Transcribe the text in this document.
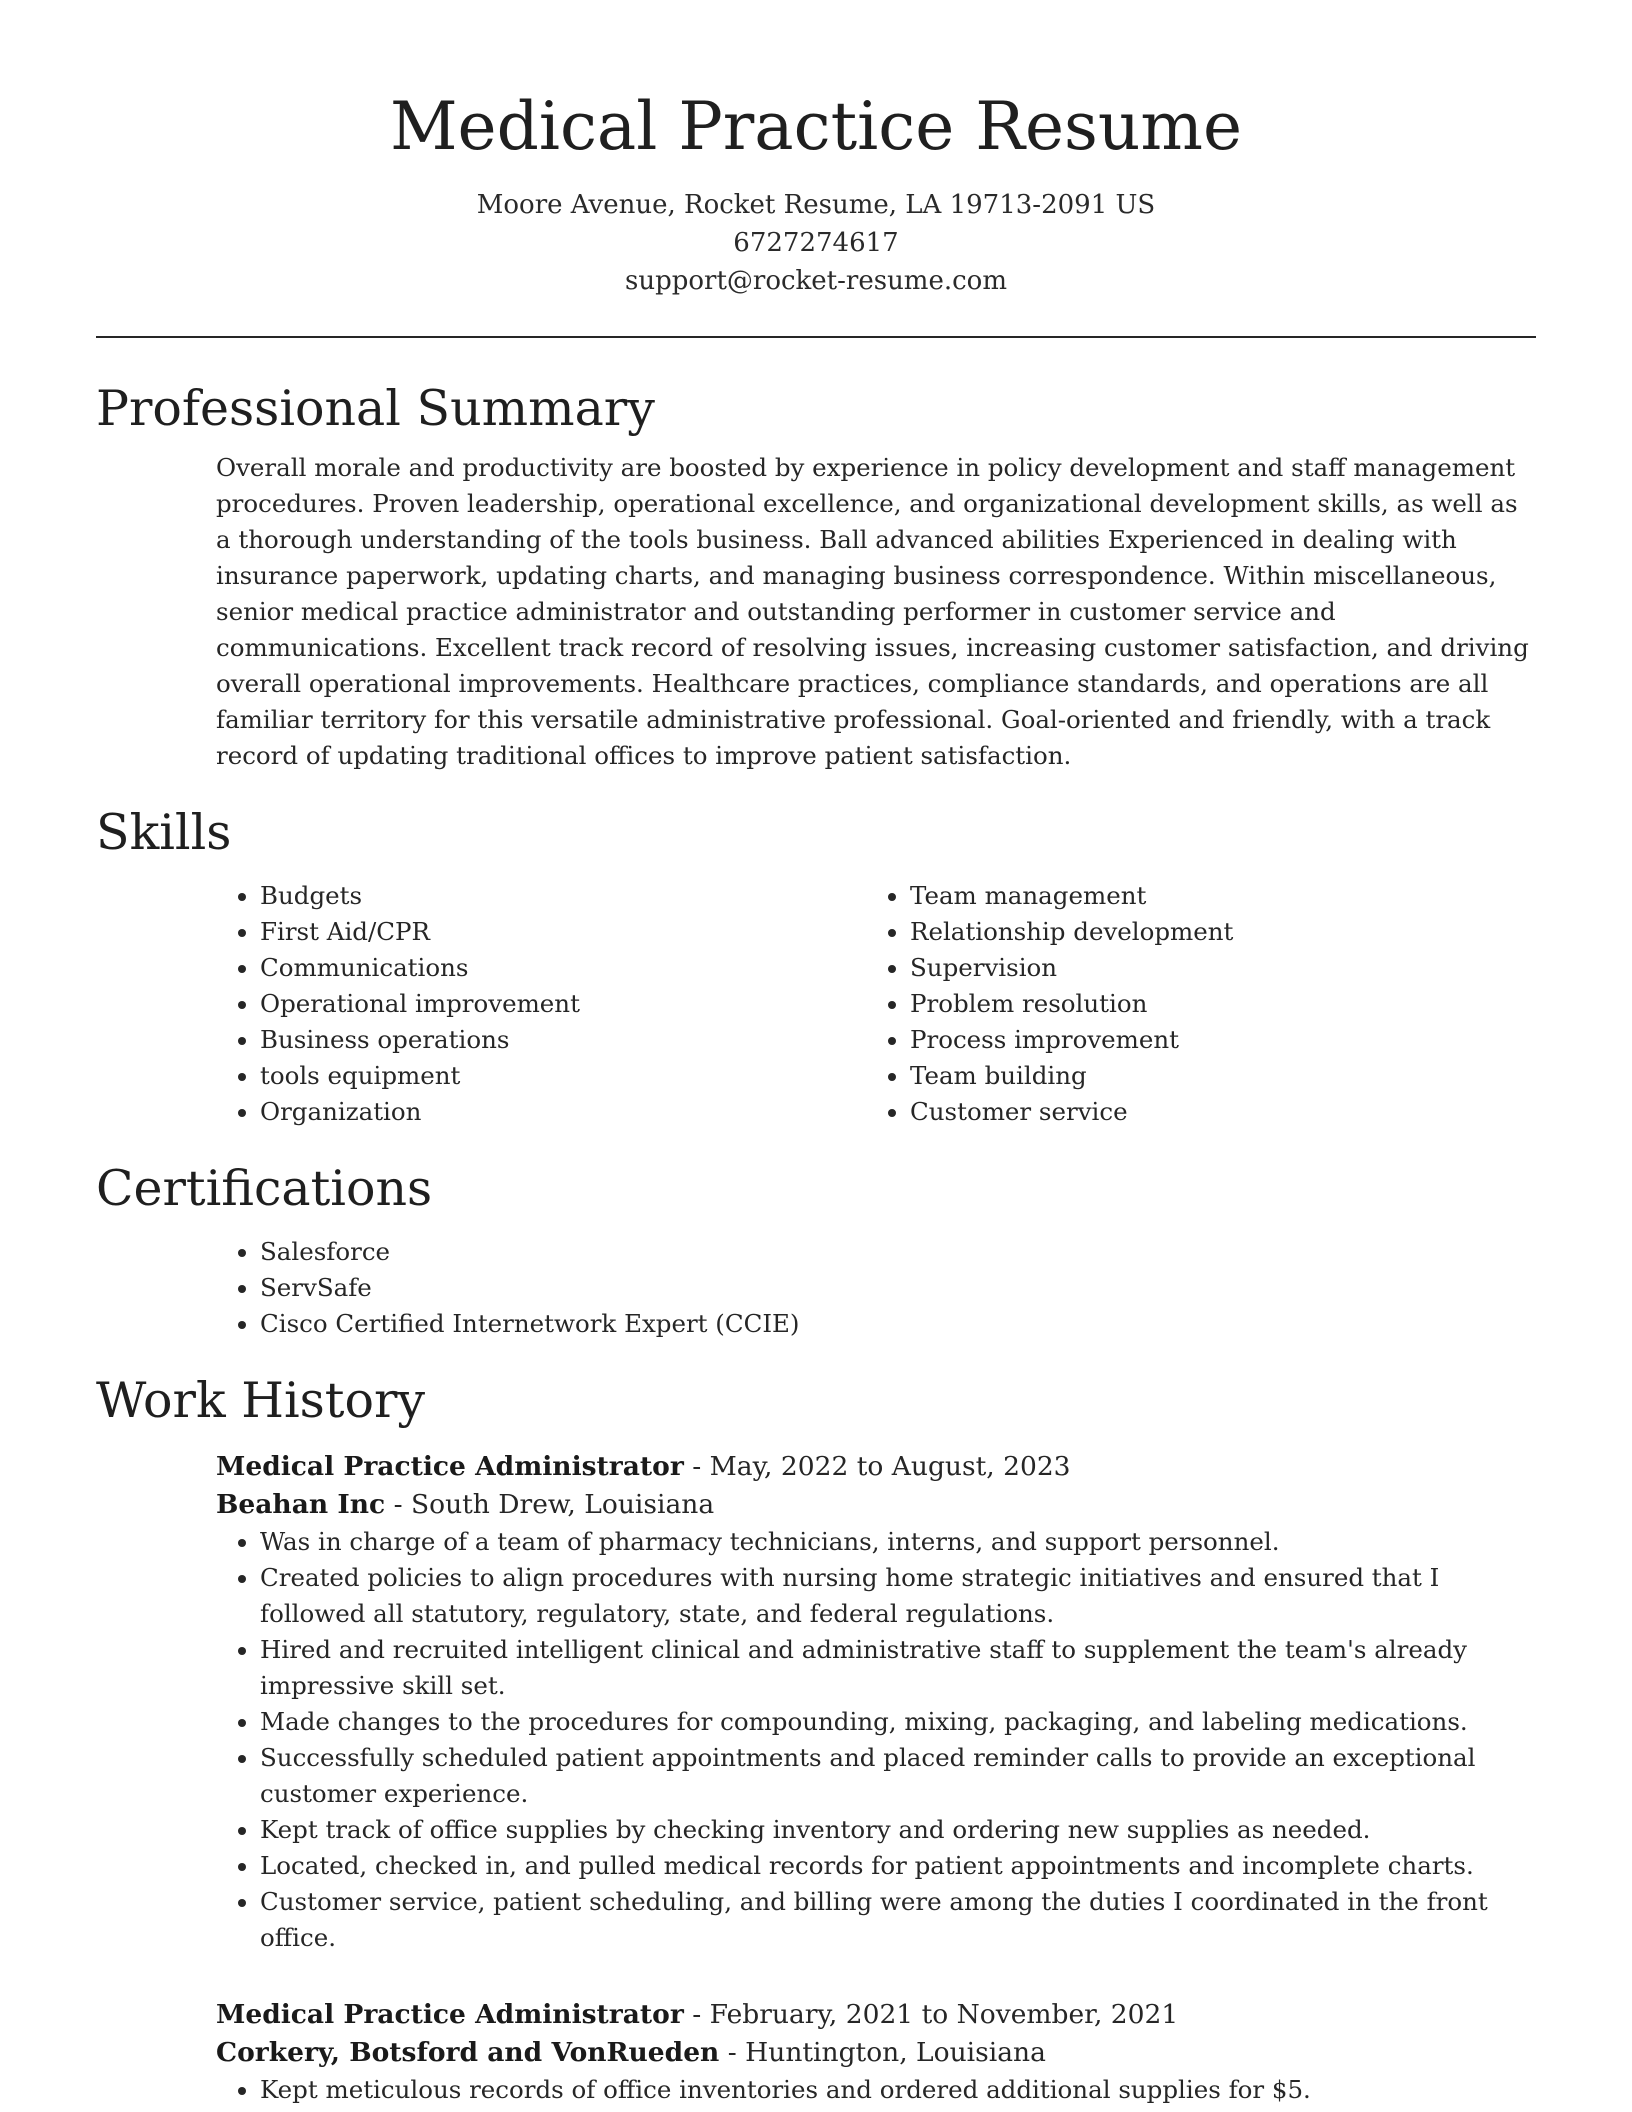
Medical Practice Resume
Moore Avenue, Rocket Resume, LA 19713-2091 US
6727274617
support@rocket-resume.com
Professional Summary

Overall morale and productivity are boosted by experience in policy development and staff management procedures. Proven leadership, operational excellence, and organizational development skills, as well as a thorough understanding of the tools business. Ball advanced abilities Experienced in dealing with insurance paperwork, updating charts, and managing business correspondence. Within miscellaneous, senior medical practice administrator and outstanding performer in customer service and communications. Excellent track record of resolving issues, increasing customer satisfaction, and driving overall operational improvements. Healthcare practices, compliance standards, and operations are all familiar territory for this versatile administrative professional. Goal-oriented and friendly, with a track record of updating traditional offices to improve patient satisfaction.

Skills
• Budgets
• First Aid/CPR
• Communications
• Operational improvement
• Business operations
• tools equipment
• Organization
• Team management
• Relationship development
• Supervision
• Problem resolution
• Process improvement
• Team building
• Customer service
Certifications
• Salesforce
• ServSafe
• Cisco Certified Internetwork Expert (CCIE)
Work History
Medical Practice Administrator - May, 2022 to August, 2023
Beahan Inc - South Drew, Louisiana
• Was in charge of a team of pharmacy technicians, interns, and support personnel.
• Created policies to align procedures with nursing home strategic initiatives and ensured that I followed all statutory, regulatory, state, and federal regulations.
• Hired and recruited intelligent clinical and administrative staff to supplement the team's already impressive skill set.
• Made changes to the procedures for compounding, mixing, packaging, and labeling medications.
• Successfully scheduled patient appointments and placed reminder calls to provide an exceptional customer experience.
• Kept track of office supplies by checking inventory and ordering new supplies as needed.
• Located, checked in, and pulled medical records for patient appointments and incomplete charts.
• Customer service, patient scheduling, and billing were among the duties I coordinated in the front office.
Medical Practice Administrator - February, 2021 to November, 2021
Corkery, Botsford and VonRueden - Huntington, Louisiana
• Kept meticulous records of office inventories and ordered additional supplies for $5.
